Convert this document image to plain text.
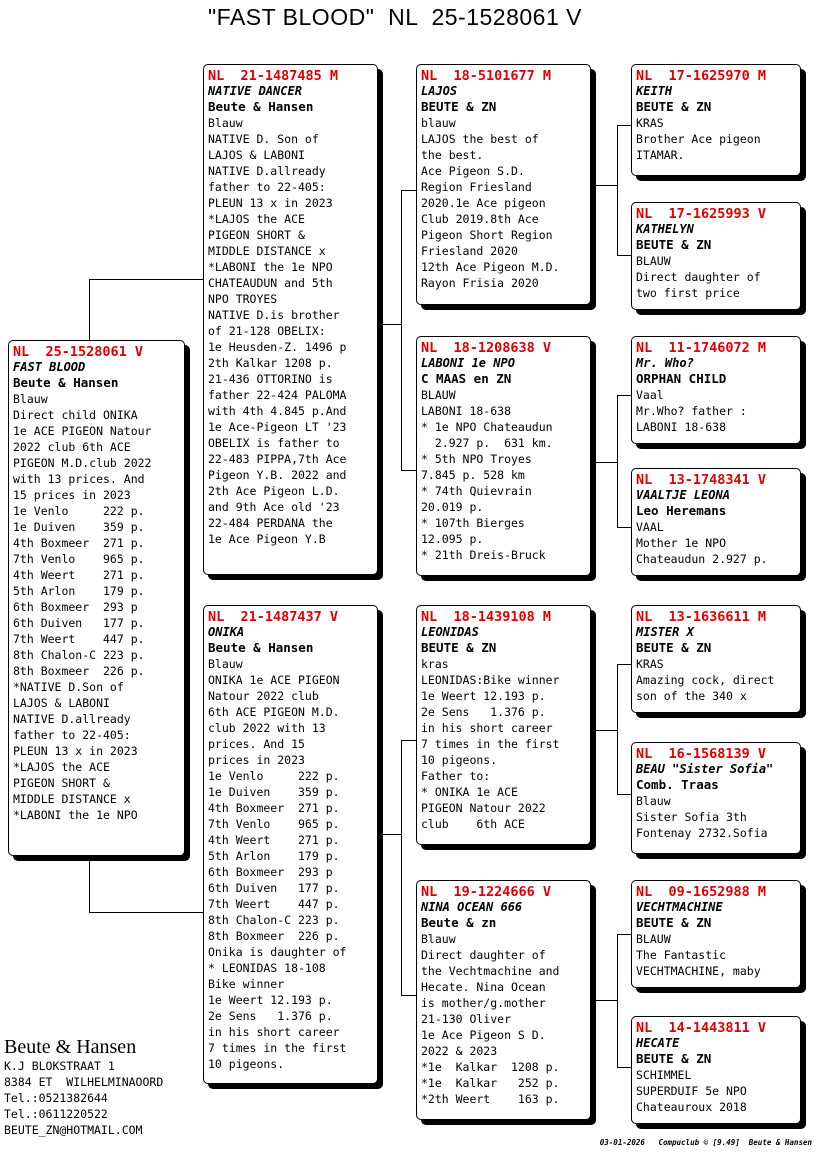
"FAST BLOOD"  NL  25-1528061 V
NL  25-1528061 V
FAST BLOOD
Beute & Hansen
Blauw
Direct child ONIKA
1e ACE PIGEON Natour
2022 club 6th ACE
PIGEON M.D.club 2022
with 13 prices. And
15 prices in 2023
1e Venlo     222 p.
1e Duiven    359 p.
4th Boxmeer  271 p.
7th Venlo    965 p.
4th Weert    271 p.
5th Arlon    179 p.
6th Boxmeer  293 p
6th Duiven   177 p.
7th Weert    447 p.
8th Chalon-C 223 p.
8th Boxmeer  226 p.
*NATIVE D.Son of
LAJOS & LABONI
NATIVE D.allready
father to 22-405:
PLEUN 13 x in 2023
*LAJOS the ACE
PIGEON SHORT &
MIDDLE DISTANCE x
*LABONI the 1e NPO
NL  21-1487485 M
NATIVE DANCER
Beute & Hansen
Blauw
NATIVE D. Son of
LAJOS & LABONI
NATIVE D.allready
father to 22-405:
PLEUN 13 x in 2023
*LAJOS the ACE
PIGEON SHORT &
MIDDLE DISTANCE x
*LABONI the 1e NPO
CHATEAUDUN and 5th
NPO TROYES
NATIVE D.is brother
of 21-128 OBELIX:
1e Heusden-Z. 1496 p
2th Kalkar 1208 p.
21-436 OTTORINO is
father 22-424 PALOMA
with 4th 4.845 p.And
1e Ace-Pigeon LT '23
OBELIX is father to
22-483 PIPPA,7th Ace
Pigeon Y.B. 2022 and
2th Ace Pigeon L.D.
and 9th Ace old '23
22-484 PERDANA the
1e Ace Pigeon Y.B
NL  21-1487437 V
ONIKA
Beute & Hansen
Blauw
ONIKA 1e ACE PIGEON
Natour 2022 club
6th ACE PIGEON M.D.
club 2022 with 13
prices. And 15
prices in 2023
1e Venlo     222 p.
1e Duiven    359 p.
4th Boxmeer  271 p.
7th Venlo    965 p.
4th Weert    271 p.
5th Arlon    179 p.
6th Boxmeer  293 p
6th Duiven   177 p.
7th Weert    447 p.
8th Chalon-C 223 p.
8th Boxmeer  226 p.
Onika is daughter of
* LEONIDAS 18-108
Bike winner
1e Weert 12.193 p.
2e Sens   1.376 p.
in his short career
7 times in the first
10 pigeons.
NL  18-5101677 M
LAJOS
BEUTE & ZN
blauw
LAJOS the best of
the best.
Ace Pigeon S.D.
Region Friesland
2020.1e Ace pigeon
Club 2019.8th Ace
Pigeon Short Region
Friesland 2020
12th Ace Pigeon M.D.
Rayon Frisia 2020
NL  18-1208638 V
LABONI 1e NPO
C MAAS en ZN
BLAUW
LABONI 18-638
* 1e NPO Chateaudun
2.927 p.  631 km.
* 5th NPO Troyes
7.845 p. 528 km
* 74th Quievrain
20.019 p.
* 107th Bierges
12.095 p.
* 21th Dreis-Bruck
NL  18-1439108 M
LEONIDAS
BEUTE & ZN
kras
LEONIDAS:Bike winner
1e Weert 12.193 p.
2e Sens   1.376 p.
in his short career
7 times in the first
10 pigeons.
Father to:
* ONIKA 1e ACE
PIGEON Natour 2022
club    6th ACE
NL  19-1224666 V
NINA OCEAN 666
Beute & zn
Blauw
Direct daughter of
the Vechtmachine and
Hecate. Nina Ocean
is mother/g.mother
21-130 Oliver
1e Ace Pigeon S D.
2022 & 2023
*1e  Kalkar  1208 p.
*1e  Kalkar   252 p.
*2th Weert    163 p.
NL  17-1625970 M
KEITH
BEUTE & ZN
KRAS
Brother Ace pigeon
ITAMAR.
NL  17-1625993 V
KATHELYN
BEUTE & ZN
BLAUW
Direct daughter of
two first price
NL  11-1746072 M
Mr. Who?
ORPHAN CHILD
Vaal
Mr.Who? father :
LABONI 18-638
NL  13-1748341 V
VAALTJE LEONA
Leo Heremans
VAAL
Mother 1e NPO
Chateaudun 2.927 p.
NL  13-1636611 M
MISTER X
BEUTE & ZN
KRAS
Amazing cock, direct
son of the 340 x
NL  16-1568139 V
BEAU "Sister Sofia"
Comb. Traas
Blauw
Sister Sofia 3th
Fontenay 2732.Sofia
NL  09-1652988 M
VECHTMACHINE
BEUTE & ZN
BLAUW
The Fantastic
VECHTMACHINE, maby
NL  14-1443811 V
HECATE
BEUTE & ZN
SCHIMMEL
SUPERDUIF 5e NPO
Chateauroux 2018
Beute & Hansen
K.J BLOKSTRAAT 1
8384 ET  WILHELMINAOORD
Tel.:0521382644
Tel.:0611220522
BEUTE_ZN@HOTMAIL.COM
03-01-2026   Compuclub © [9.49]  Beute & Hansen
